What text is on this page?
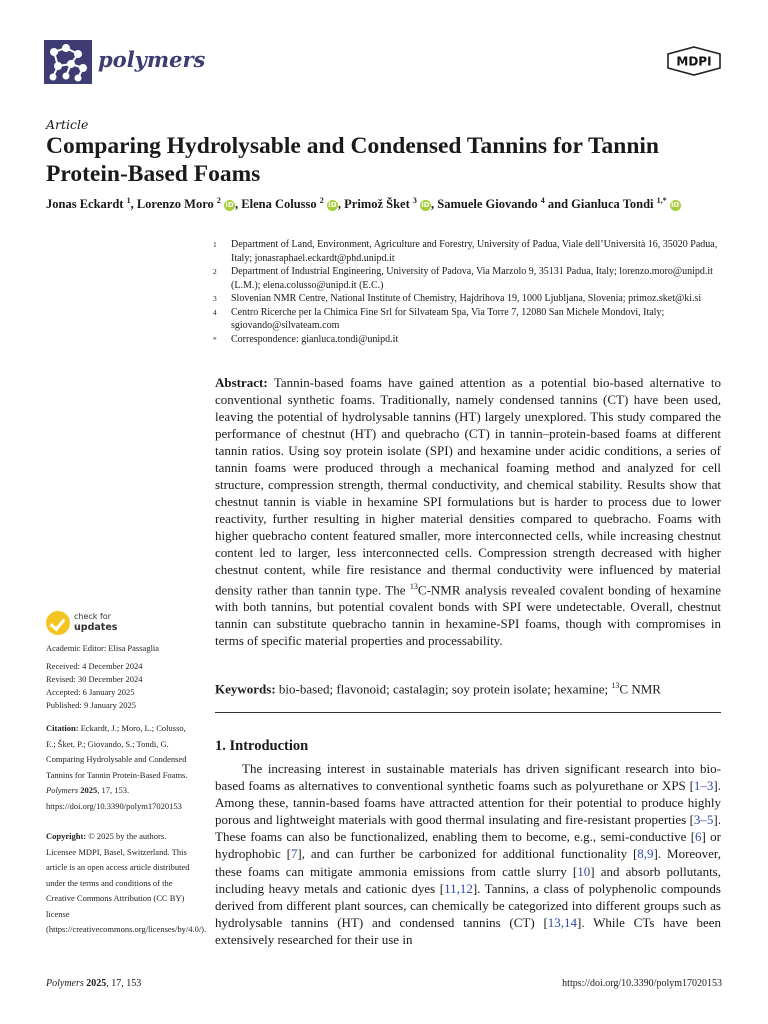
polymers	MDPI
Article
Comparing Hydrolysable and Condensed Tannins for Tannin Protein-Based Foams
Jonas Eckardt $^1$, Lorenzo Moro $^2$ iD, Elena Colusso $^2$ iD, Primož Šket $^3$ iD, Samuele Giovando $^4$ and Gianluca Tondi $^{1,*}$ iD
1	Department of Land, Environment, Agriculture and Forestry, University of Padua, Viale dell’Università 16, 35020 Padua, Italy; jonasraphael.eckardt@phd.unipd.it
2	Department of Industrial Engineering, University of Padova, Via Marzolo 9, 35131 Padua, Italy; lorenzo.moro@unipd.it (L.M.); elena.colusso@unipd.it (E.C.)
3	Slovenian NMR Centre, National Institute of Chemistry, Hajdrihova 19, 1000 Ljubljana, Slovenia; primoz.sket@ki.si
4	Centro Ricerche per la Chimica Fine Srl for Silvateam Spa, Via Torre 7, 12080 San Michele Mondovi, Italy; sgiovando@silvateam.com
*	Correspondence: gianluca.tondi@unipd.it
Abstract: Tannin-based foams have gained attention as a potential bio-based alternative to conventional synthetic foams. Traditionally, namely condensed tannins (CT) have been used, leaving the potential of hydrolysable tannins (HT) largely unexplored. This study compared the performance of chestnut (HT) and quebracho (CT) in tannin–protein-based foams at different tannin ratios. Using soy protein isolate (SPI) and hexamine under acidic conditions, a series of tannin foams were produced through a mechanical foaming method and analyzed for cell structure, compression strength, thermal conductivity, and chemical stability. Results show that chestnut tannin is viable in hexamine SPI formulations but is harder to process due to lower reactivity, further resulting in higher material densities compared to quebracho. Foams with higher quebracho content featured smaller, more interconnected cells, while increasing chestnut content led to larger, less interconnected cells. Compression strength decreased with higher chestnut content, while fire resistance and thermal conductivity were influenced by material density rather than tannin type. The $^{13}$C-NMR analysis revealed covalent bonding of hexamine with both tannins, but potential covalent bonds with SPI were undetectable. Overall, chestnut tannin can substitute quebracho tannin in hexamine-SPI foams, though with compromises in terms of specific material properties and processability.
Keywords: bio-based; flavonoid; castalagin; soy protein isolate; hexamine; $^{13}$C NMR
1. Introduction
The increasing interest in sustainable materials has driven significant research into bio-based foams as alternatives to conventional synthetic foams such as polyurethane or XPS [1–3]. Among these, tannin-based foams have attracted attention for their potential to produce highly porous and lightweight materials with good thermal insulating and fire-resistant properties [3–5]. These foams can also be functionalized, enabling them to become, e.g., semi-conductive [6] or hydrophobic [7], and can further be carbonized for additional functionality [8,9]. Moreover, these foams can mitigate ammonia emissions from cattle slurry [10] and absorb pollutants, including heavy metals and cationic dyes [11,12]. Tannins, a class of polyphenolic compounds derived from different plant sources, can chemically be categorized into different groups such as hydrolysable tannins (HT) and condensed tannins (CT) [13,14]. While CTs have been extensively researched for their use in
check for
updates
Academic Editor: Elisa Passaglia
Received: 4 December 2024
Revised: 30 December 2024
Accepted: 6 January 2025
Published: 9 January 2025
Citation: Eckardt, J.; Moro, L.; Colusso, E.; Šket, P.; Giovando, S.; Tondi, G. Comparing Hydrolysable and Condensed Tannins for Tannin Protein-Based Foams. Polymers 2025, 17, 153. https://doi.org/10.3390/polym17020153
Copyright: © 2025 by the authors. Licensee MDPI, Basel, Switzerland. This article is an open access article distributed under the terms and conditions of the Creative Commons Attribution (CC BY) license (https://creativecommons.org/licenses/by/4.0/).
Polymers 2025, 17, 153	https://doi.org/10.3390/polym17020153
